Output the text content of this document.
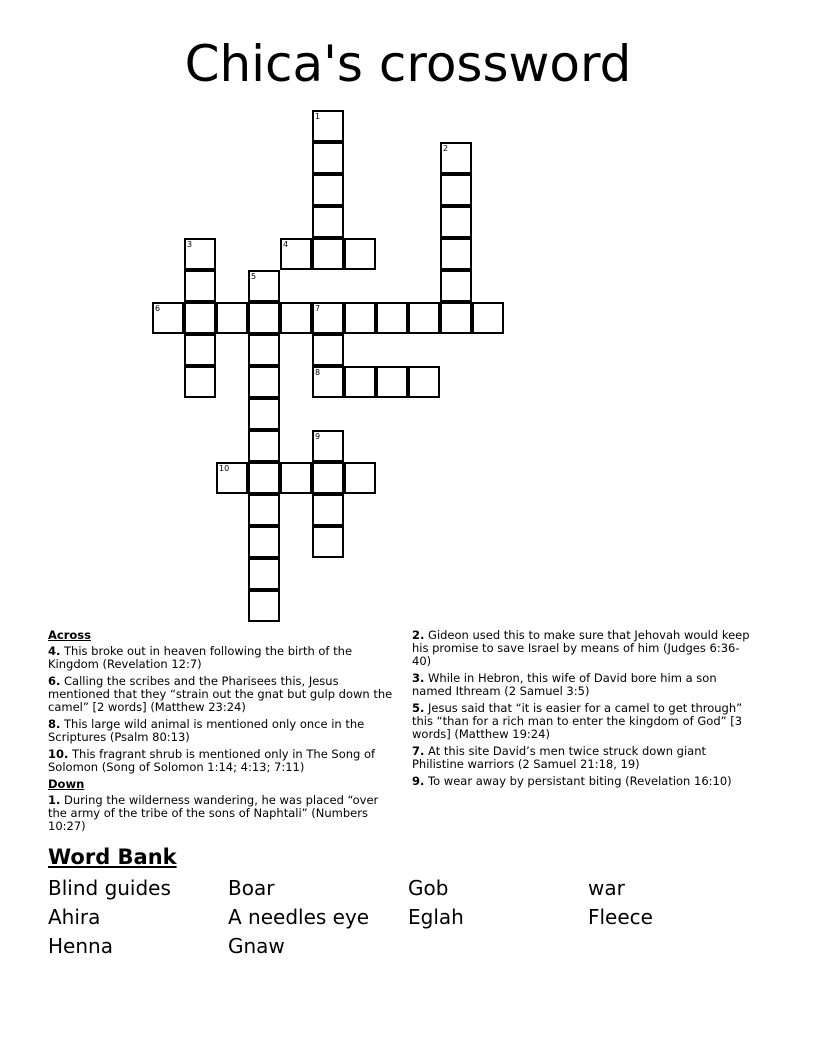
Chica's crossword
1
4
2
3
5
6	7
8
9
10
Across
4. This broke out in heaven following the birth of the Kingdom (Revelation 12:7)
6. Calling the scribes and the Pharisees this, Jesus mentioned that they “strain out the gnat but gulp down the camel” [2 words] (Matthew 23:24)
8. This large wild animal is mentioned only once in the Scriptures (Psalm 80:13)
10. This fragrant shrub is mentioned only in The Song of Solomon (Song of Solomon 1:14; 4:13; 7:11)
Down
1. During the wilderness wandering, he was placed “over the army of the tribe of the sons of Naphtali” (Numbers 10:27)
2. Gideon used this to make sure that Jehovah would keep his promise to save Israel by means of him (Judges 6:36-40)
3. While in Hebron, this wife of David bore him a son named Ithream (2 Samuel 3:5)
5. Jesus said that “it is easier for a camel to get through” this “than for a rich man to enter the kingdom of God” [3 words] (Matthew 19:24)
7. At this site David’s men twice struck down giant Philistine warriors (2 Samuel 21:18, 19)
9. To wear away by persistant biting (Revelation 16:10)
Word Bank
Blind guides	Boar	Gob	war
Ahira	A needles eye	Eglah	Fleece
Henna	Gnaw
